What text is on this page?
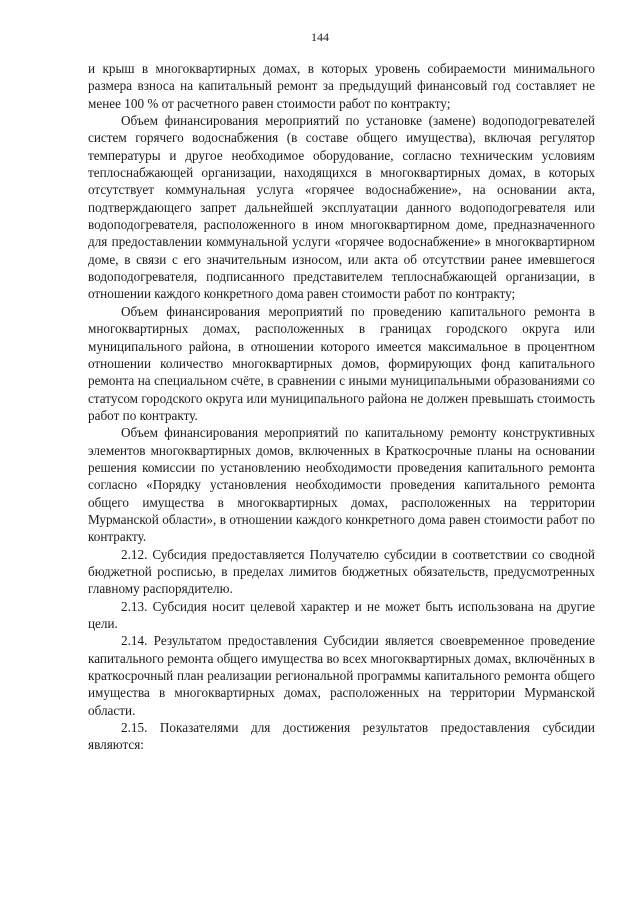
144

и крыш в многоквартирных домах, в которых уровень собираемости минимального размера взноса на капитальный ремонт за предыдущий финансовый год составляет не менее 100 % от расчетного равен стоимости работ по контракту;

Объем финансирования мероприятий по установке (замене) водоподогревателей систем горячего водоснабжения (в составе общего имущества), включая регулятор температуры и другое необходимое оборудование, согласно техническим условиям теплоснабжающей организации, находящихся в многоквартирных домах, в которых отсутствует коммунальная услуга «горячее водоснабжение», на основании акта, подтверждающего запрет дальнейшей эксплуатации данного водоподогревателя или водоподогревателя, расположенного в ином многоквартирном доме, предназначенного для предоставлении коммунальной услуги «горячее водоснабжение» в многоквартирном доме, в связи с его значительным износом, или акта об отсутствии ранее имевшегося водоподогревателя, подписанного представителем теплоснабжающей организации, в отношении каждого конкретного дома равен стоимости работ по контракту;

Объем финансирования мероприятий по проведению капитального ремонта в многоквартирных домах, расположенных в границах городского округа или муниципального района, в отношении которого имеется максимальное в процентном отношении количество многоквартирных домов, формирующих фонд капитального ремонта на специальном счёте, в сравнении с иными муниципальными образованиями со статусом городского округа или муниципального района не должен превышать стоимость работ по контракту.

Объем финансирования мероприятий по капитальному ремонту конструктивных элементов многоквартирных домов, включенных в Краткосрочные планы на основании решения комиссии по установлению необходимости проведения капитального ремонта согласно «Порядку установления необходимости проведения капитального ремонта общего имущества в многоквартирных домах, расположенных на территории Мурманской области», в отношении каждого конкретного дома равен стоимости работ по контракту.

2.12. Субсидия предоставляется Получателю субсидии в соответствии со сводной бюджетной росписью, в пределах лимитов бюджетных обязательств, предусмотренных главному распорядителю.

2.13. Субсидия носит целевой характер и не может быть использована на другие цели.

2.14. Результатом предоставления Субсидии является своевременное проведение капитального ремонта общего имущества во всех многоквартирных домах, включённых в краткосрочный план реализации региональной программы капитального ремонта общего имущества в многоквартирных домах, расположенных на территории Мурманской области.

2.15. Показателями для достижения результатов предоставления субсидии являются:
